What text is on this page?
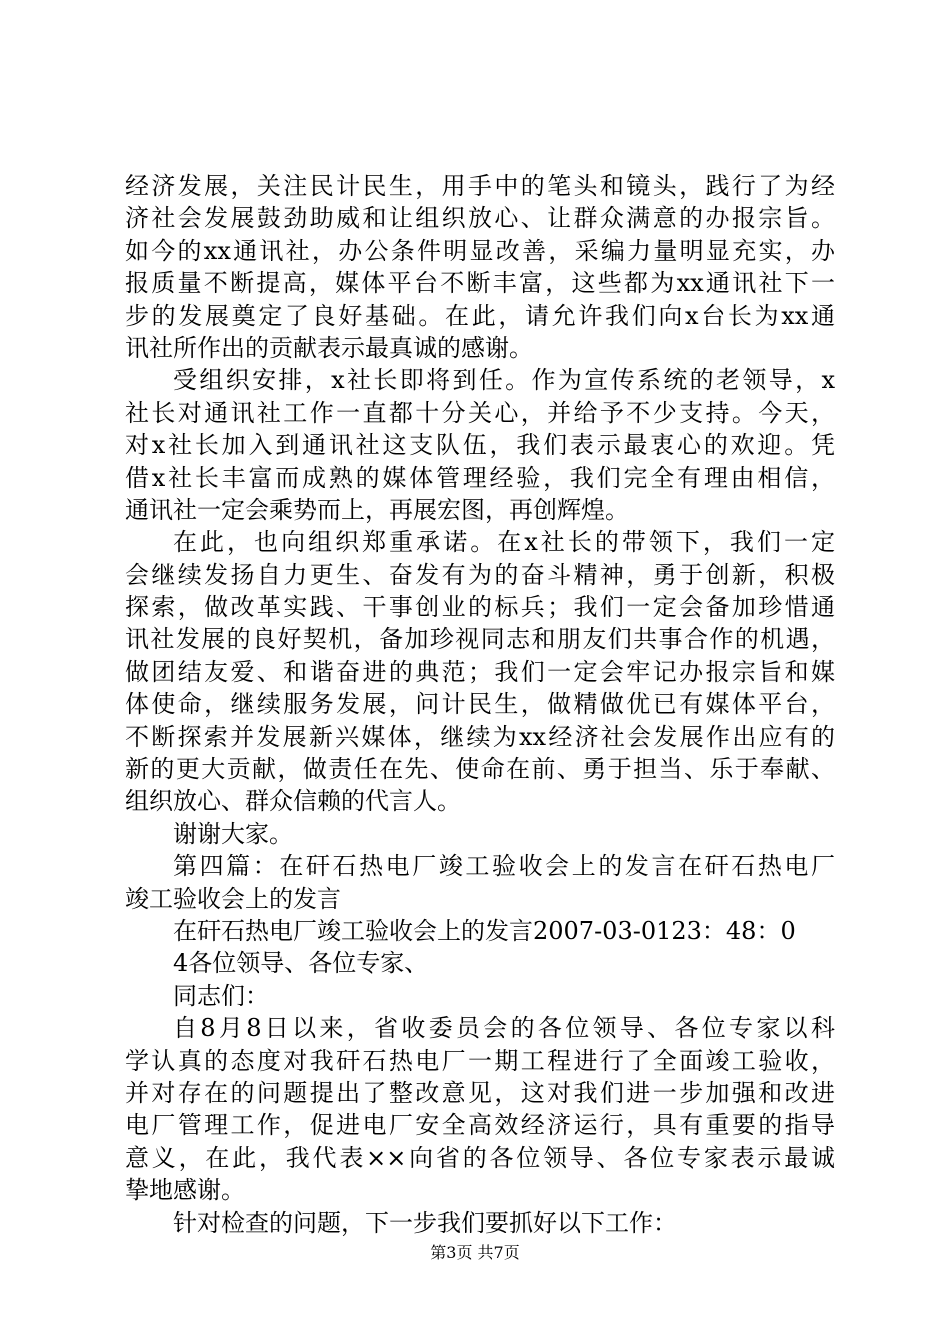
经济发展，关注民计民生，用手中的笔头和镜头，践行了为经
济社会发展鼓劲助威和让组织放心、让群众满意的办报宗旨。
如今的xx通讯社，办公条件明显改善，采编力量明显充实，办
报质量不断提高，媒体平台不断丰富，这些都为xx通讯社下一
步的发展奠定了良好基础。在此，请允许我们向x台长为xx通
讯社所作出的贡献表示最真诚的感谢。
受组织安排，x社长即将到任。作为宣传系统的老领导，x
社长对通讯社工作一直都十分关心，并给予不少支持。今天，
对x社长加入到通讯社这支队伍，我们表示最衷心的欢迎。凭
借x社长丰富而成熟的媒体管理经验，我们完全有理由相信，
通讯社一定会乘势而上，再展宏图，再创辉煌。
在此，也向组织郑重承诺。在x社长的带领下，我们一定
会继续发扬自力更生、奋发有为的奋斗精神，勇于创新，积极
探索，做改革实践、干事创业的标兵；我们一定会备加珍惜通
讯社发展的良好契机，备加珍视同志和朋友们共事合作的机遇，
做团结友爱、和谐奋进的典范；我们一定会牢记办报宗旨和媒
体使命，继续服务发展，问计民生，做精做优已有媒体平台，
不断探索并发展新兴媒体，继续为xx经济社会发展作出应有的
新的更大贡献，做责任在先、使命在前、勇于担当、乐于奉献、
组织放心、群众信赖的代言人。
谢谢大家。
第四篇：在矸石热电厂竣工验收会上的发言在矸石热电厂
竣工验收会上的发言
在矸石热电厂竣工验收会上的发言2007-03-0123：48：0
4各位领导、各位专家、
同志们：
自8月8日以来，省收委员会的各位领导、各位专家以科
学认真的态度对我矸石热电厂一期工程进行了全面竣工验收，
并对存在的问题提出了整改意见，这对我们进一步加强和改进
电厂管理工作，促进电厂安全高效经济运行，具有重要的指导
意义，在此，我代表××向省的各位领导、各位专家表示最诚
挚地感谢。
针对检查的问题，下一步我们要抓好以下工作：
第3页 共7页
